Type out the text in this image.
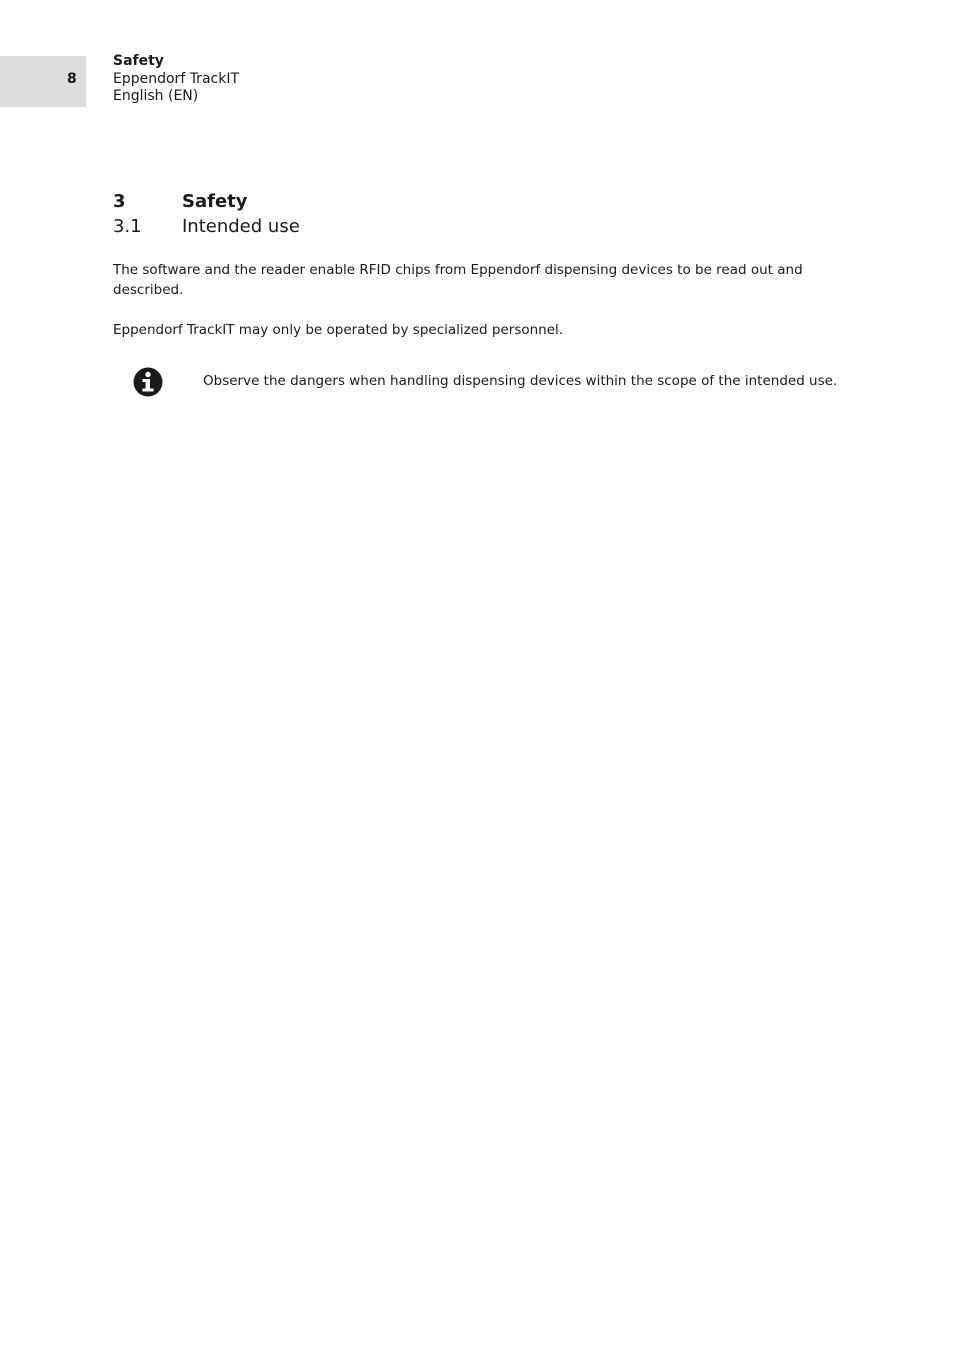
8
Safety
Eppendorf TrackIT
English (EN)
3	Safety
3.1 Intended use
The software and the reader enable RFID chips from Eppendorf dispensing devices to be read out and described.
Eppendorf TrackIT may only be operated by specialized personnel.
Observe the dangers when handling dispensing devices within the scope of the intended use.
